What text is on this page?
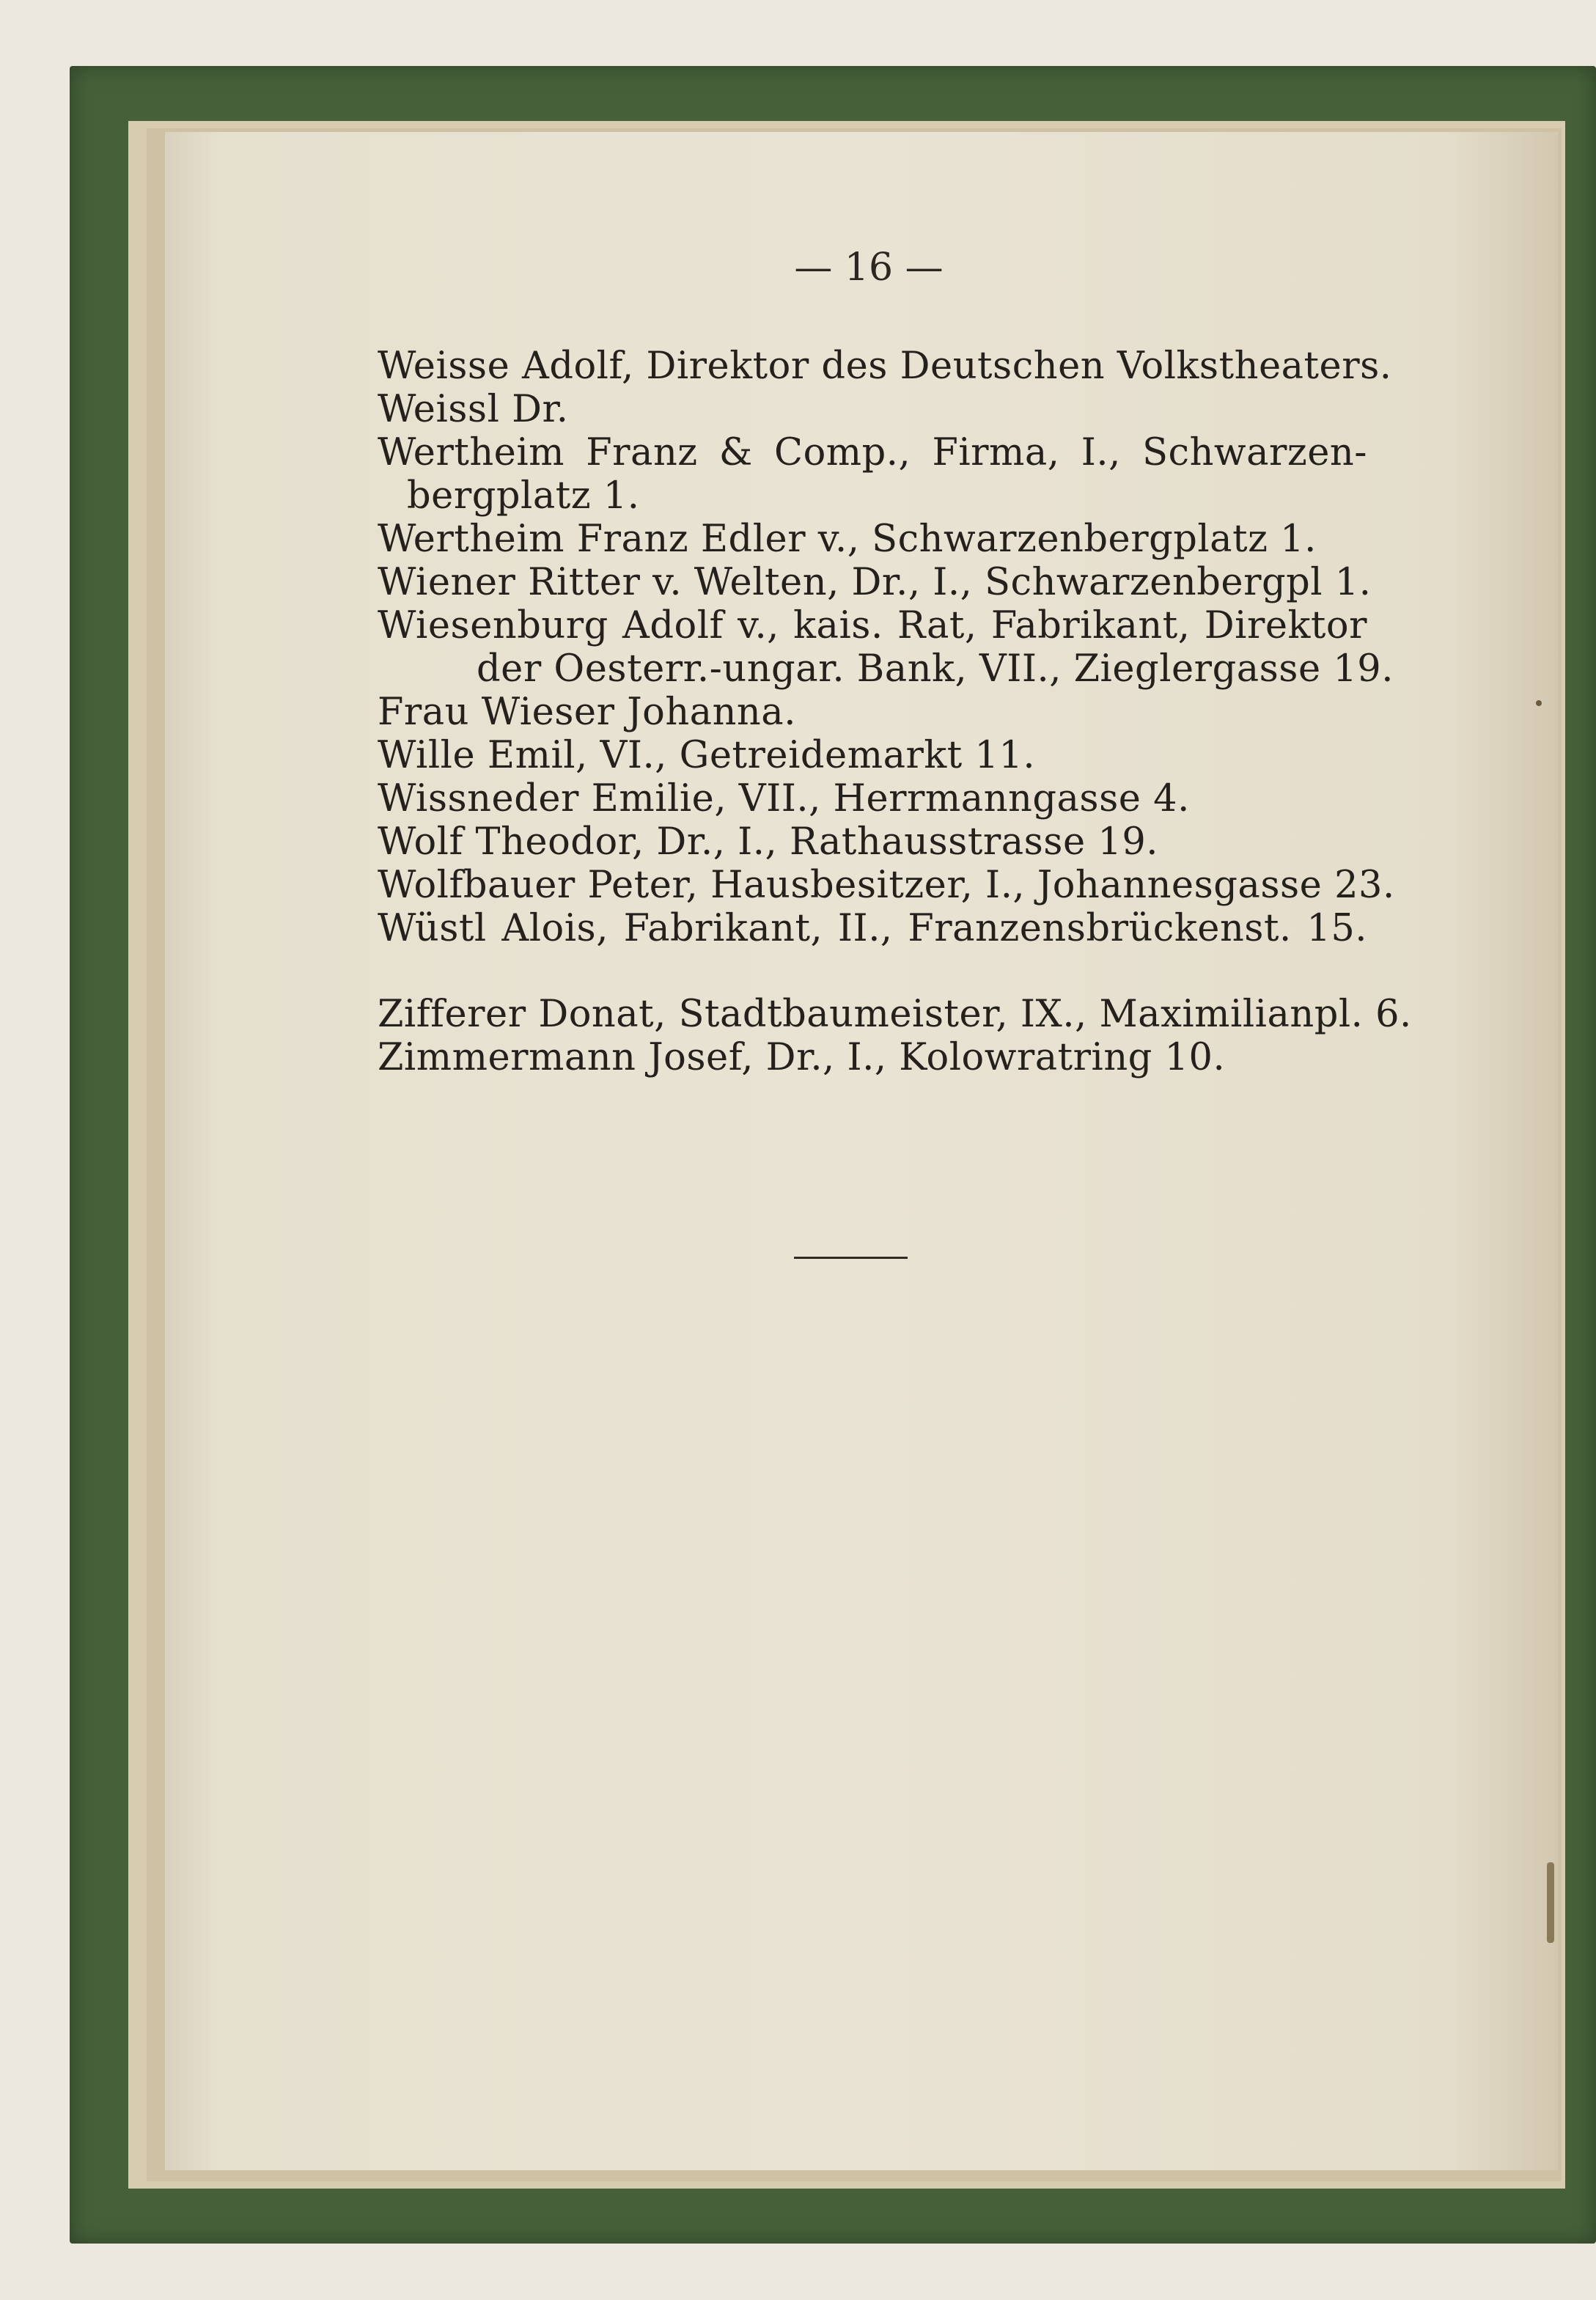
— 16 —
Weisse Adolf, Direktor des Deutschen Volkstheaters.
Weissl Dr.
Wertheim Franz & Comp., Firma, I., Schwarzen-
bergplatz 1.
Wertheim Franz Edler v., Schwarzenbergplatz 1.
Wiener Ritter v. Welten, Dr., I., Schwarzenbergpl 1.
Wiesenburg Adolf v., kais. Rat, Fabrikant, Direktor
der Oesterr.-ungar. Bank, VII., Zieglergasse 19.
Frau Wieser Johanna.
Wille Emil, VI., Getreidemarkt 11.
Wissneder Emilie, VII., Herrmanngasse 4.
Wolf Theodor, Dr., I., Rathausstrasse 19.
Wolfbauer Peter, Hausbesitzer, I., Johannesgasse 23.
Wüstl Alois, Fabrikant, II., Franzensbrückenst. 15.
Zifferer Donat, Stadtbaumeister, IX., Maximilianpl. 6.
Zimmermann Josef, Dr., I., Kolowratring 10.
